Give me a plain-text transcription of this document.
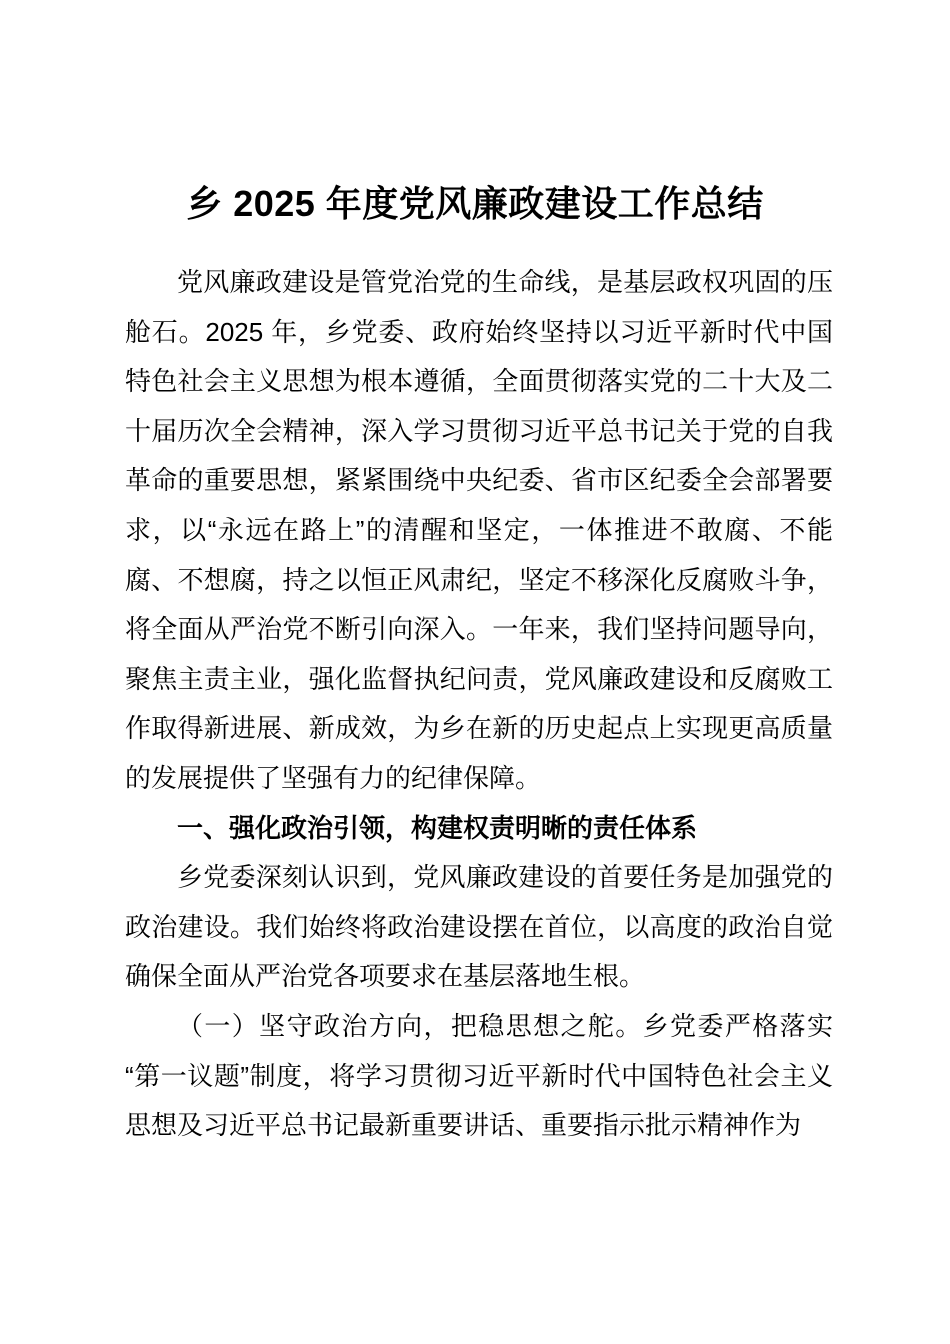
乡 2025 年度党风廉政建设工作总结

党风廉政建设是管党治党的生命线，是基层政权巩固的压舱石。2025 年，乡党委、政府始终坚持以习近平新时代中国特色社会主义思想为根本遵循，全面贯彻落实党的二十大及二十届历次全会精神，深入学习贯彻习近平总书记关于党的自我革命的重要思想，紧紧围绕中央纪委、省市区纪委全会部署要求，以“永远在路上”的清醒和坚定，一体推进不敢腐、不能腐、不想腐，持之以恒正风肃纪，坚定不移深化反腐败斗争，将全面从严治党不断引向深入。一年来，我们坚持问题导向，聚焦主责主业，强化监督执纪问责，党风廉政建设和反腐败工作取得新进展、新成效，为乡在新的历史起点上实现更高质量的发展提供了坚强有力的纪律保障。

一、强化政治引领，构建权责明晰的责任体系

乡党委深刻认识到，党风廉政建设的首要任务是加强党的政治建设。我们始终将政治建设摆在首位，以高度的政治自觉确保全面从严治党各项要求在基层落地生根。

（一）坚守政治方向，把稳思想之舵。乡党委严格落实“第一议题”制度，将学习贯彻习近平新时代中国特色社会主义思想及习近平总书记最新重要讲话、重要指示批示精神作为
